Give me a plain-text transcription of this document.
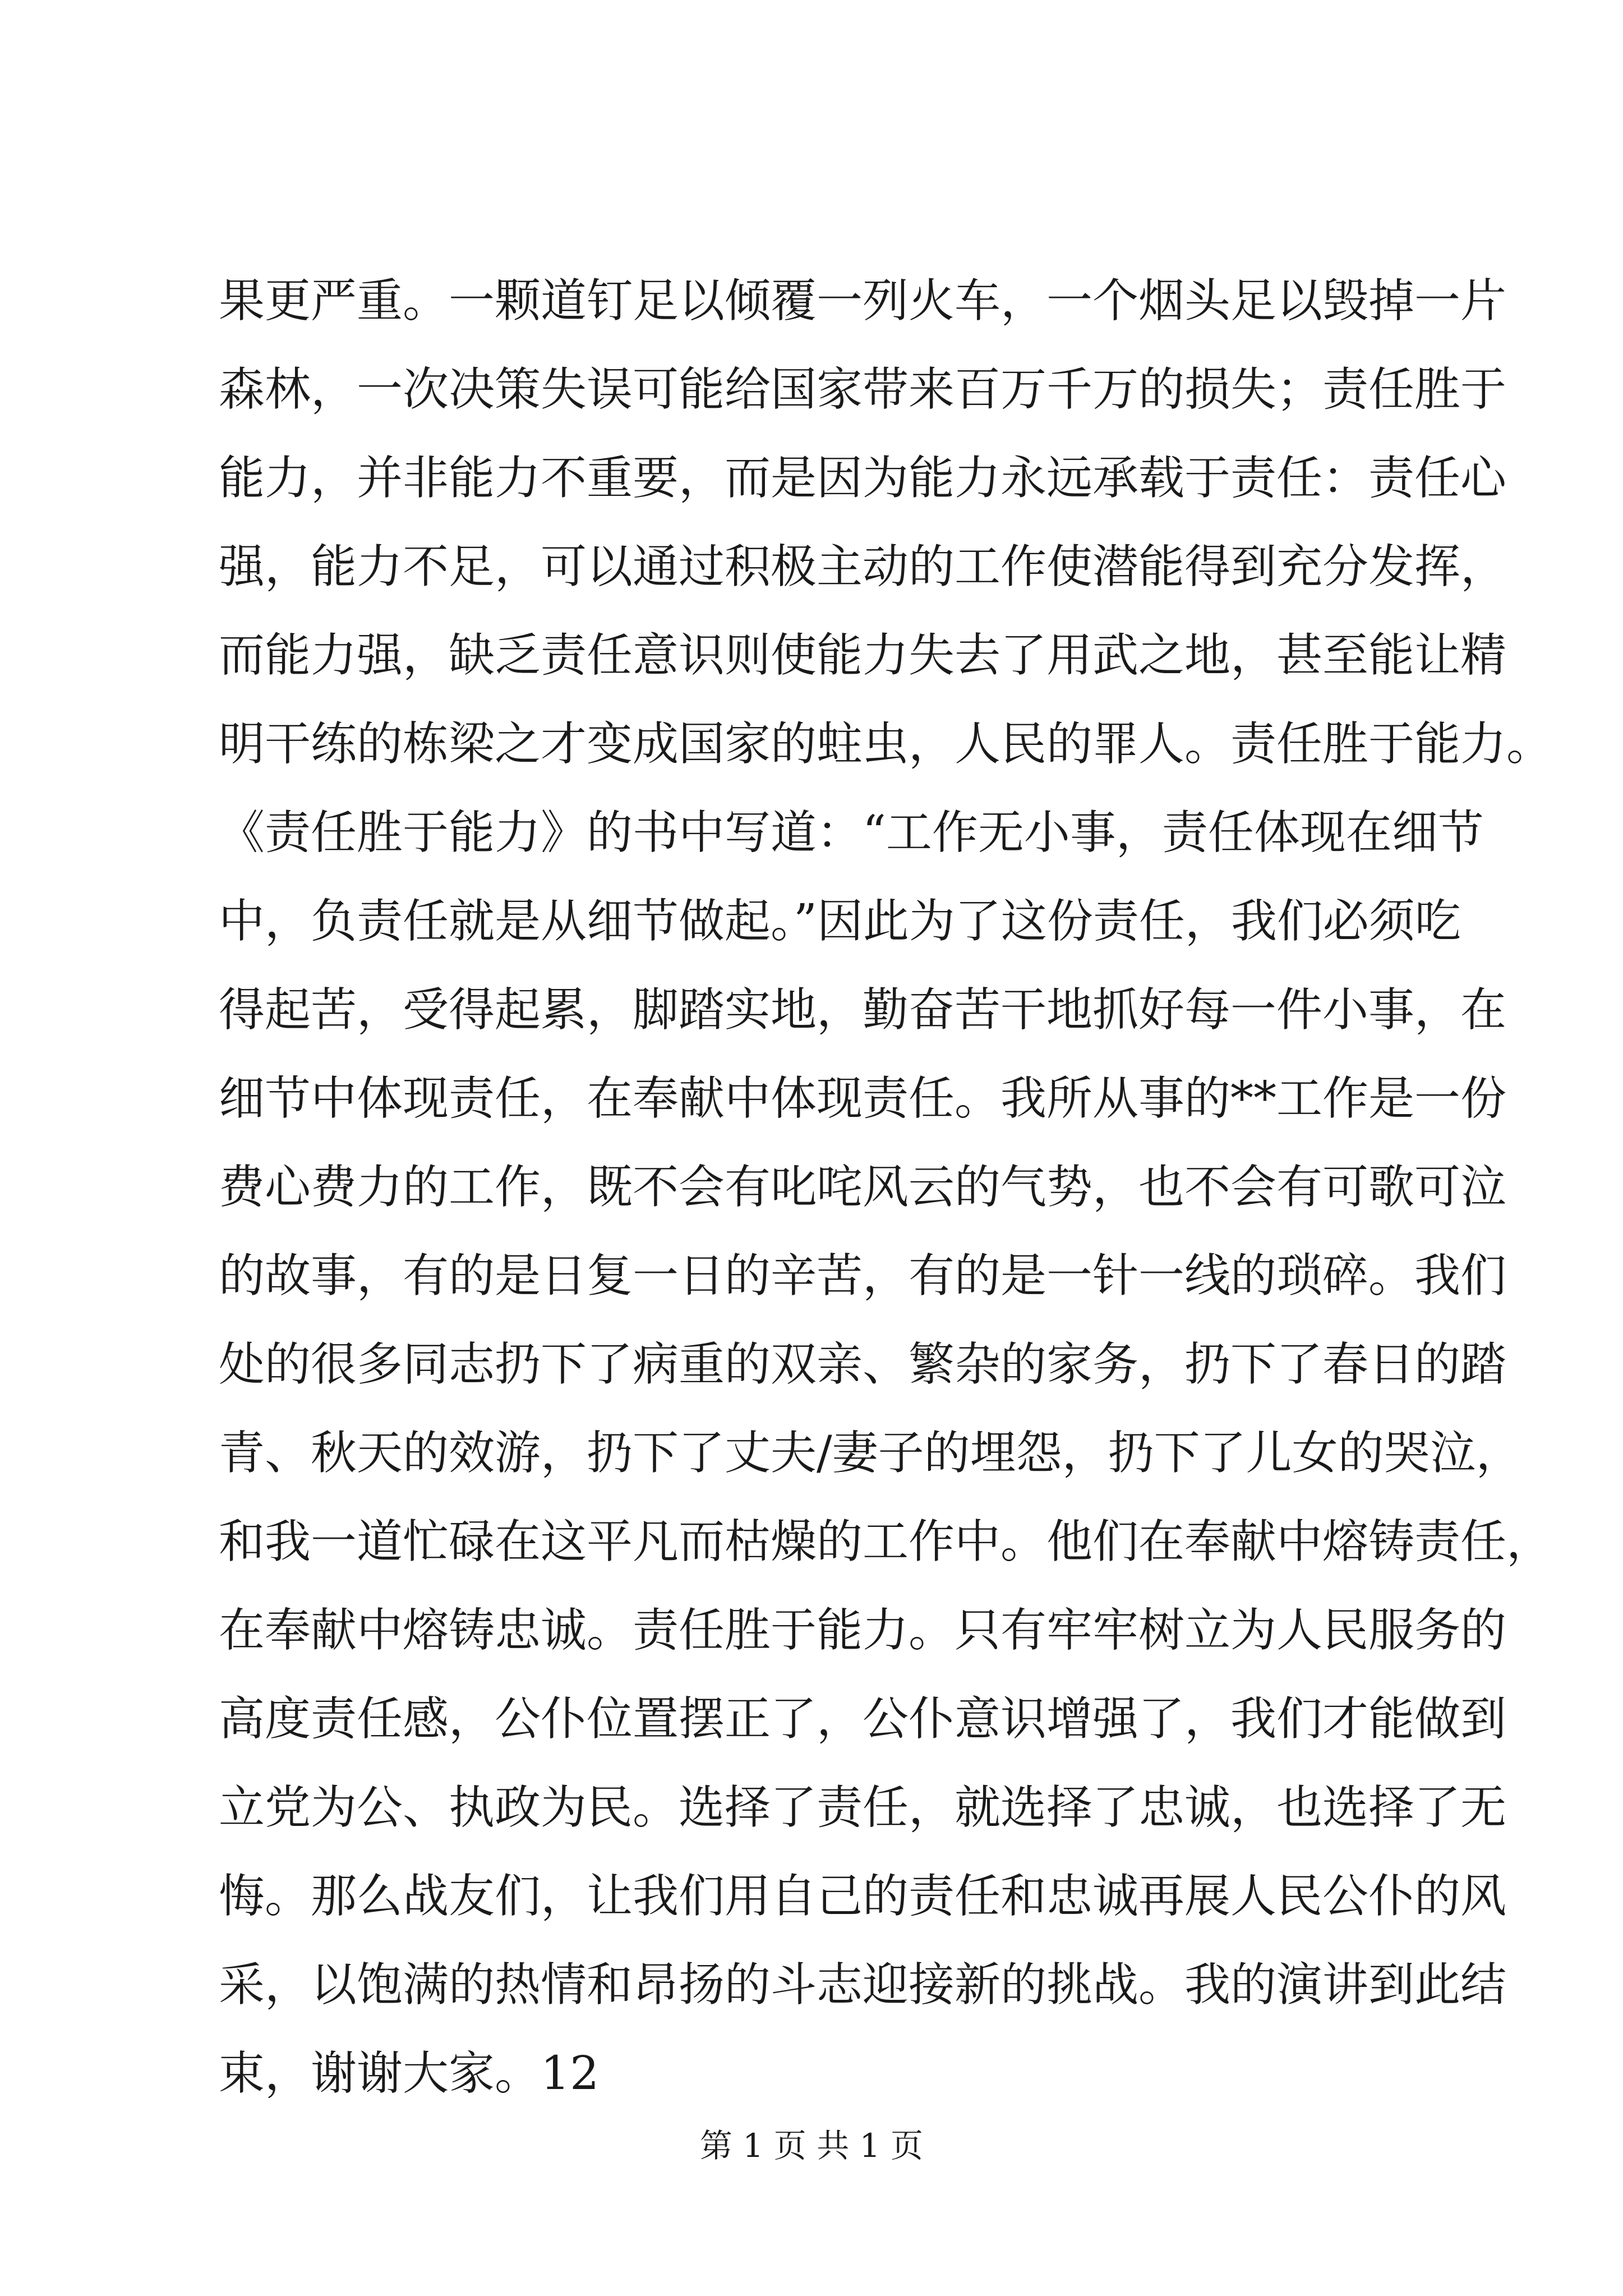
果更严重。一颗道钉足以倾覆一列火车，一个烟头足以毁掉一片
森林，一次决策失误可能给国家带来百万千万的损失；责任胜于
能力，并非能力不重要，而是因为能力永远承载于责任：责任心
强，能力不足，可以通过积极主动的工作使潜能得到充分发挥，
而能力强，缺乏责任意识则使能力失去了用武之地，甚至能让精
明干练的栋梁之才变成国家的蛀虫，人民的罪人。责任胜于能力。
《责任胜于能力》的书中写道：“工作无小事，责任体现在细节
中，负责任就是从细节做起。”因此为了这份责任，我们必须吃
得起苦，受得起累，脚踏实地，勤奋苦干地抓好每一件小事，在
细节中体现责任，在奉献中体现责任。我所从事的**工作是一份
费心费力的工作，既不会有叱咤风云的气势，也不会有可歌可泣
的故事，有的是日复一日的辛苦，有的是一针一线的琐碎。我们
处的很多同志扔下了病重的双亲、繁杂的家务，扔下了春日的踏
青、秋天的效游，扔下了丈夫/妻子的埋怨，扔下了儿女的哭泣，
和我一道忙碌在这平凡而枯燥的工作中。他们在奉献中熔铸责任，
在奉献中熔铸忠诚。责任胜于能力。只有牢牢树立为人民服务的
高度责任感，公仆位置摆正了，公仆意识增强了，我们才能做到
立党为公、执政为民。选择了责任，就选择了忠诚，也选择了无
悔。那么战友们，让我们用自己的责任和忠诚再展人民公仆的风
采，以饱满的热情和昂扬的斗志迎接新的挑战。我的演讲到此结
束，谢谢大家。12
第 1 页 共 1 页
